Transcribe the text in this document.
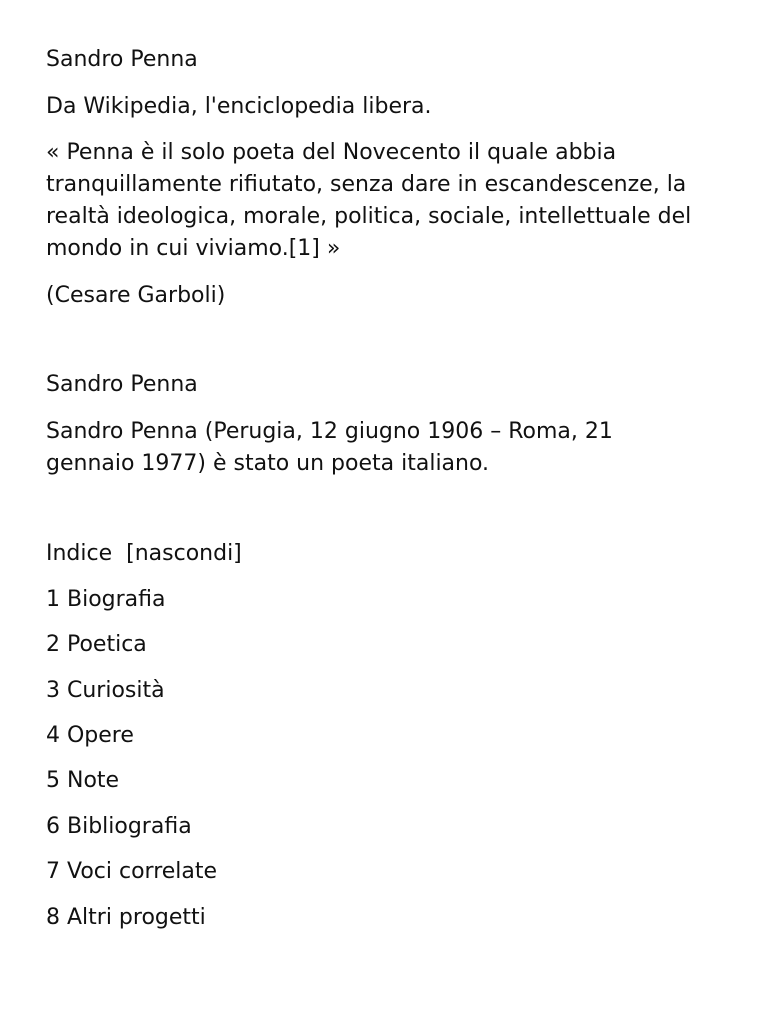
Sandro Penna
Da Wikipedia, l'enciclopedia libera.
« Penna è il solo poeta del Novecento il quale abbia
tranquillamente rifiutato, senza dare in escandescenze, la
realtà ideologica, morale, politica, sociale, intellettuale del
mondo in cui viviamo.[1] »
(Cesare Garboli)
Sandro Penna
Sandro Penna (Perugia, 12 giugno 1906 – Roma, 21
gennaio 1977) è stato un poeta italiano.
Indice [nascondi]
1 Biografia
2 Poetica
3 Curiosità
4 Opere
5 Note
6 Bibliografia
7 Voci correlate
8 Altri progetti
